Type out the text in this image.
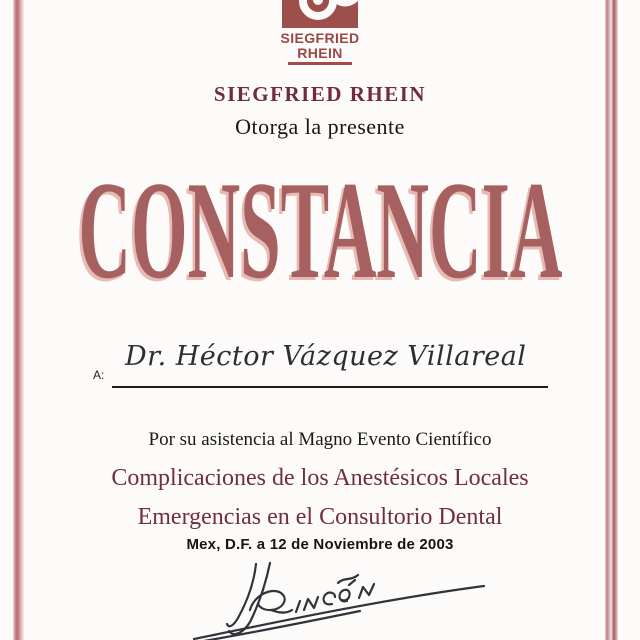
SIEGFRIED
RHEIN
SIEGFRIED RHEIN
Otorga la presente
CONSTANCIA
Dr. Héctor Vázquez Villareal
A:
Por su asistencia al Magno Evento Científico
Complicaciones de los Anestésicos Locales
Emergencias en el Consultorio Dental
Mex, D.F. a 12 de Noviembre de 2003
